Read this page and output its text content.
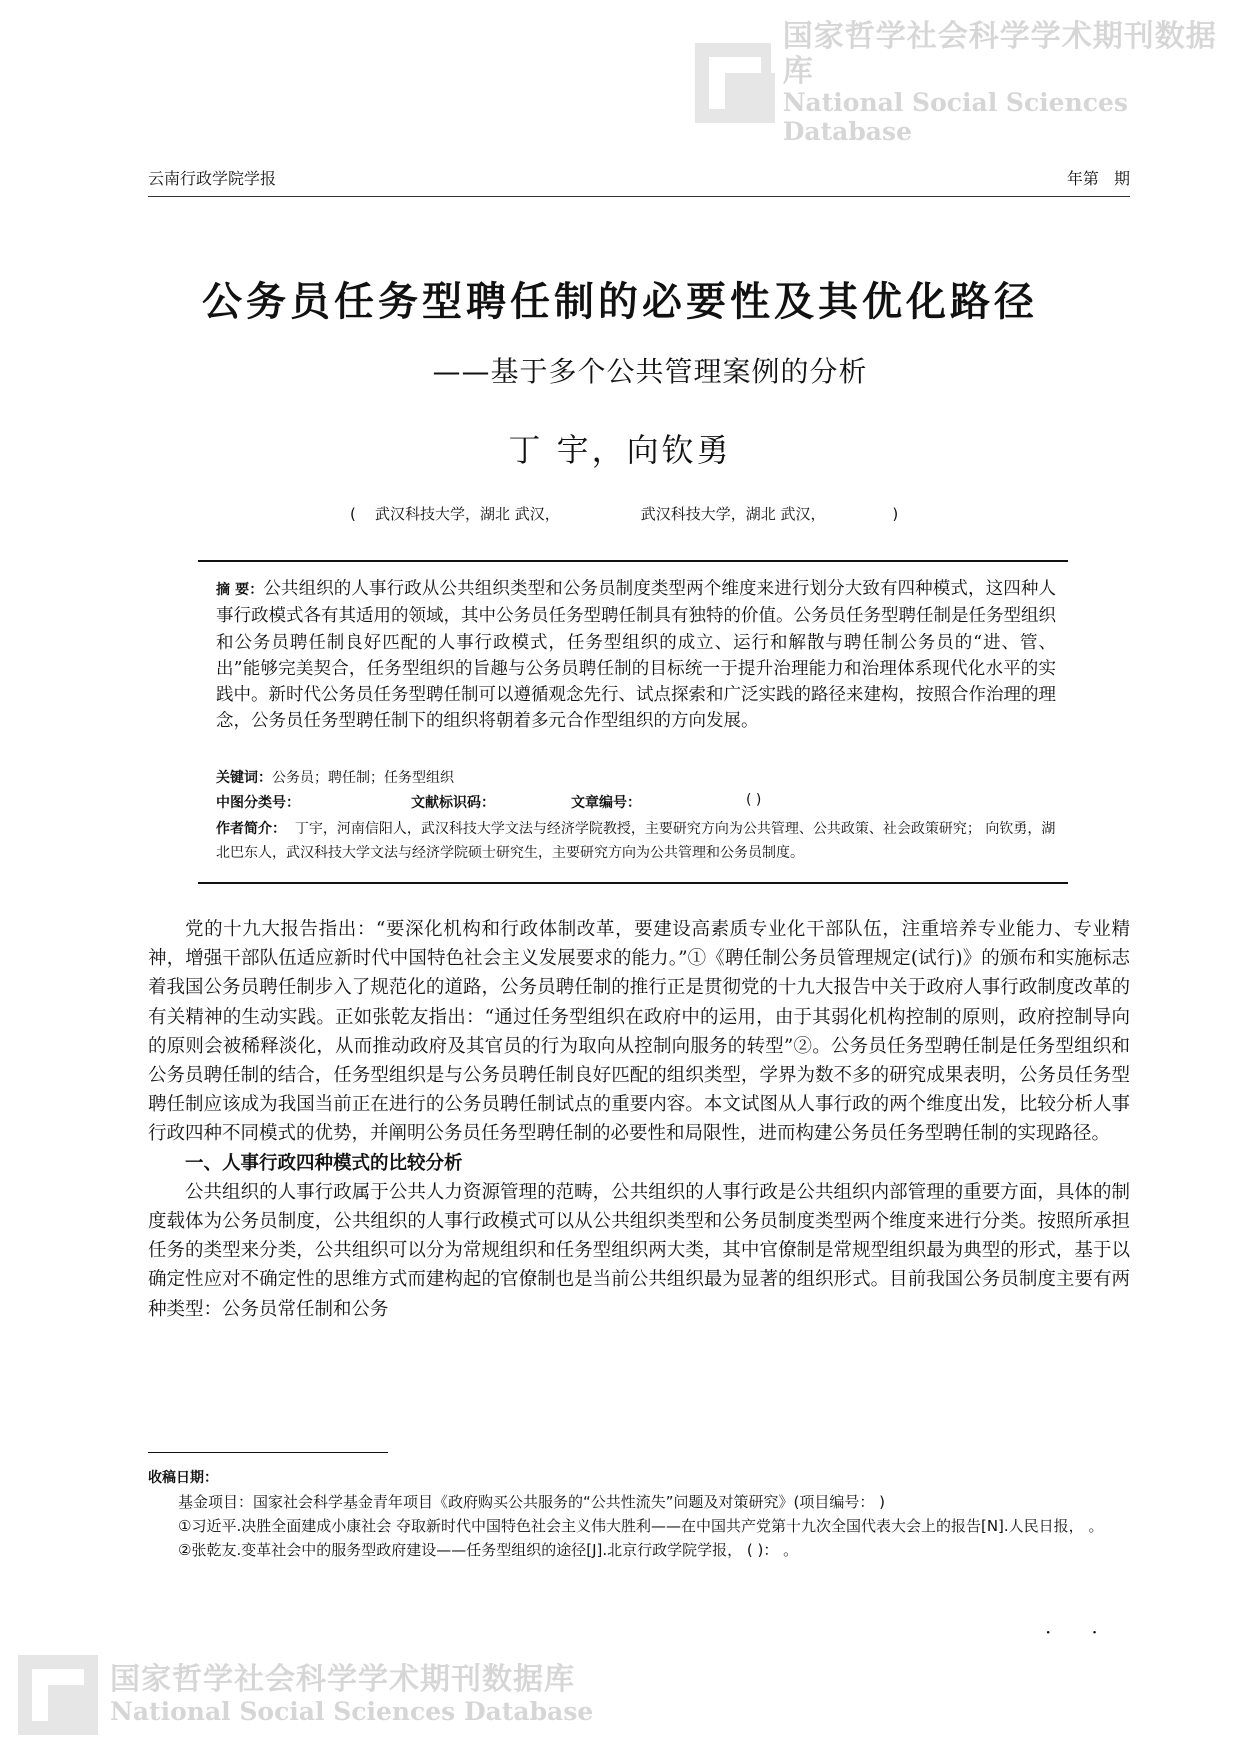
国家哲学社会科学学术期刊数据库
National Social Sciences Database
国家哲学社会科学学术期刊数据库
National Social Sciences Database
云南行政学院学报	年第 期
公务员任务型聘任制的必要性及其优化路径
——基于多个公共管理案例的分析
丁 宇，向钦勇
( 武汉科技大学，湖北 武汉，	武汉科技大学，湖北 武汉，	)
摘 要：公共组织的人事行政从公共组织类型和公务员制度类型两个维度来进行划分大致有四种模式，这四种人事行政模式各有其适用的领域，其中公务员任务型聘任制具有独特的价值。公务员任务型聘任制是任务型组织和公务员聘任制良好匹配的人事行政模式，任务型组织的成立、运行和解散与聘任制公务员的“进、管、出”能够完美契合，任务型组织的旨趣与公务员聘任制的目标统一于提升治理能力和治理体系现代化水平的实践中。新时代公务员任务型聘任制可以遵循观念先行、试点探索和广泛实践的路径来建构，按照合作治理的理念，公务员任务型聘任制下的组织将朝着多元合作型组织的方向发展。
关键词：公务员；聘任制；任务型组织
中图分类号：	文献标识码：	文章编号：	( )
作者简介： 丁宇，河南信阳人，武汉科技大学文法与经济学院教授，主要研究方向为公共管理、公共政策、社会政策研究； 向钦勇，湖北巴东人，武汉科技大学文法与经济学院硕士研究生，主要研究方向为公共管理和公务员制度。

党的十九大报告指出：“要深化机构和行政体制改革，要建设高素质专业化干部队伍，注重培养专业能力、专业精神，增强干部队伍适应新时代中国特色社会主义发展要求的能力。”①《聘任制公务员管理规定(试行)》的颁布和实施标志着我国公务员聘任制步入了规范化的道路，公务员聘任制的推行正是贯彻党的十九大报告中关于政府人事行政制度改革的有关精神的生动实践。正如张乾友指出：“通过任务型组织在政府中的运用，由于其弱化机构控制的原则，政府控制导向的原则会被稀释淡化，从而推动政府及其官员的行为取向从控制向服务的转型”②。公务员任务型聘任制是任务型组织和公务员聘任制的结合，任务型组织是与公务员聘任制良好匹配的组织类型，学界为数不多的研究成果表明，公务员任务型聘任制应该成为我国当前正在进行的公务员聘任制试点的重要内容。本文试图从人事行政的两个维度出发，比较分析人事行政四种不同模式的优势，并阐明公务员任务型聘任制的必要性和局限性，进而构建公务员任务型聘任制的实现路径。

一、人事行政四种模式的比较分析

公共组织的人事行政属于公共人力资源管理的范畴，公共组织的人事行政是公共组织内部管理的重要方面，具体的制度载体为公务员制度，公共组织的人事行政模式可以从公共组织类型和公务员制度类型两个维度来进行分类。按照所承担任务的类型来分类，公共组织可以分为常规组织和任务型组织两大类，其中官僚制是常规型组织最为典型的形式，基于以确定性应对不确定性的思维方式而建构起的官僚制也是当前公共组织最为显著的组织形式。目前我国公务员制度主要有两种类型：公务员常任制和公务

收稿日期：
基金项目：国家社会科学基金青年项目《政府购买公共服务的“公共性流失”问题及对策研究》(项目编号： )
①习近平.决胜全面建成小康社会 夺取新时代中国特色社会主义伟大胜利——在中国共产党第十九次全国代表大会上的报告[N].人民日报， 。
②张乾友.变革社会中的服务型政府建设——任务型组织的途径[J].北京行政学院学报， ( )： 。
··
